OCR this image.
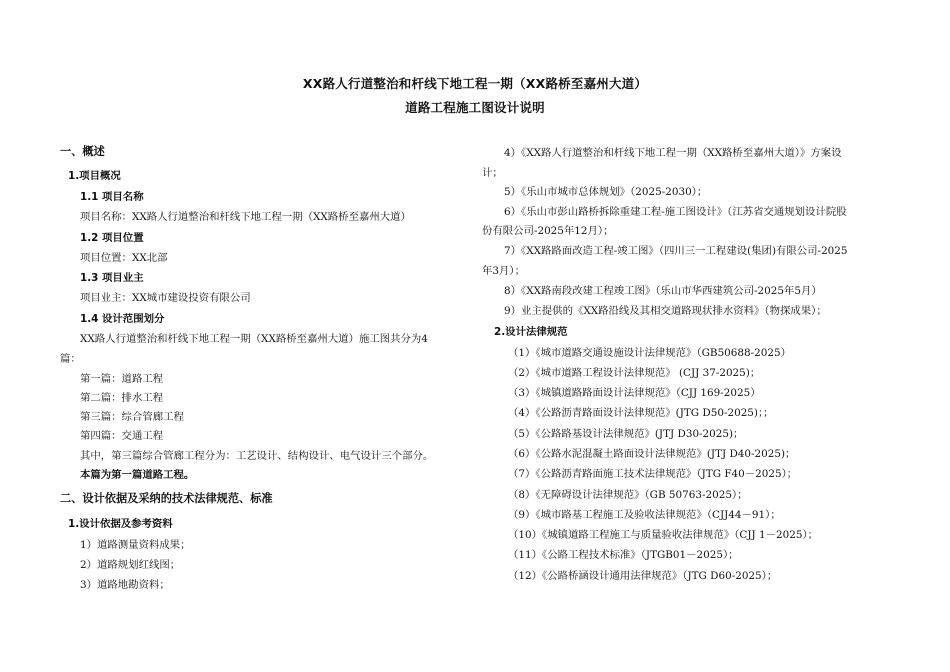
XX路人行道整治和杆线下地工程一期（XX路桥至嘉州大道）
道路工程施工图设计说明
一、概述
1.项目概况
1.1 项目名称
项目名称：XX路人行道整治和杆线下地工程一期（XX路桥至嘉州大道）
1.2 项目位置
项目位置：XX北部
1.3 项目业主
项目业主：XX城市建设投资有限公司
1.4 设计范围划分
XX路人行道整治和杆线下地工程一期（XX路桥至嘉州大道）施工图共分为4
篇：
第一篇：道路工程
第二篇：排水工程
第三篇：综合管廊工程
第四篇：交通工程
其中，第三篇综合管廊工程分为：工艺设计、结构设计、电气设计三个部分。
本篇为第一篇道路工程。
二、设计依据及采纳的技术法律规范、标准
1.设计依据及参考资料
1）道路测量资料成果；
2）道路规划红线图；
3）道路地勘资料；
4）《XX路人行道整治和杆线下地工程一期（XX路桥至嘉州大道）》方案设
计；
5）《乐山市城市总体规划》（2025-2030）；
6）《乐山市彭山路桥拆除重建工程-施工图设计》（江苏省交通规划设计院股
份有限公司-2025年12月）；
7）《XX路路面改造工程-竣工图》（四川三一工程建设(集团)有限公司-2025
年3月）；
8）《XX路南段改建工程竣工图》（乐山市华西建筑公司-2025年5月）
9）业主提供的《XX路沿线及其相交道路现状排水资料》（物探成果）；
2.设计法律规范
（1）《城市道路交通设施设计法律规范》（GB50688-2025）
（2）《城市道路工程设计法律规范》 (CJJ 37-2025)；
（3）《城镇道路路面设计法律规范》（CJJ 169-2025）
（4）《公路沥青路面设计法律规范》(JTG D50-2025)；；
（5）《公路路基设计法律规范》(JTJ D30-2025)；
（6）《公路水泥混凝土路面设计法律规范》(JTJ D40-2025)；
（7）《公路沥青路面施工技术法律规范》（JTG F40－2025）；
（8）《无障碍设计法律规范》（GB 50763-2025）；
（9）《城市路基工程施工及验收法律规范》（CJJ44－91）；
（10）《城镇道路工程施工与质量验收法律规范》（CJJ 1－2025）；
（11）《公路工程技术标准》（JTGB01－2025）；
（12）《公路桥涵设计通用法律规范》（JTG D60-2025）；
